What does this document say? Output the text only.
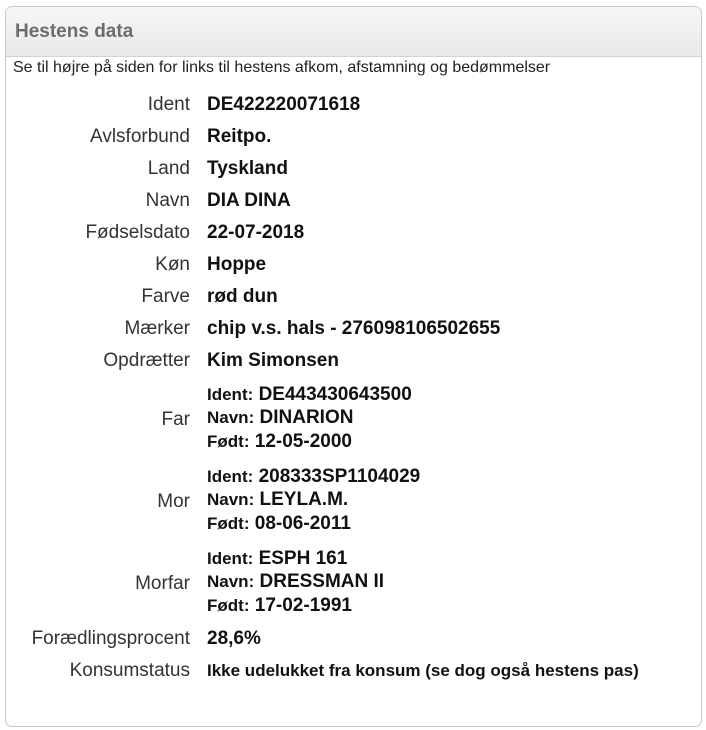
Hestens data
Se til højre på siden for links til hestens afkom, afstamning og bedømmelser
Ident	DE422220071618
Avlsforbund	Reitpo.
Land	Tyskland
Navn	DIA DINA
Fødselsdato	22-07-2018
Køn	Hoppe
Farve	rød dun
Mærker	chip v.s. hals - 276098106502655
Opdrætter	Kim Simonsen
Far	Ident: DE443430643500
Navn: DINARION
Født: 12-05-2000

Mor	Ident: 208333SP1104029
Navn: LEYLA.M.
Født: 08-06-2011

Morfar	Ident: ESPH 161
Navn: DRESSMAN II
Født: 17-02-1991

Forædlingsprocent	28,6%
Konsumstatus	Ikke udelukket fra konsum (se dog også hestens pas)
